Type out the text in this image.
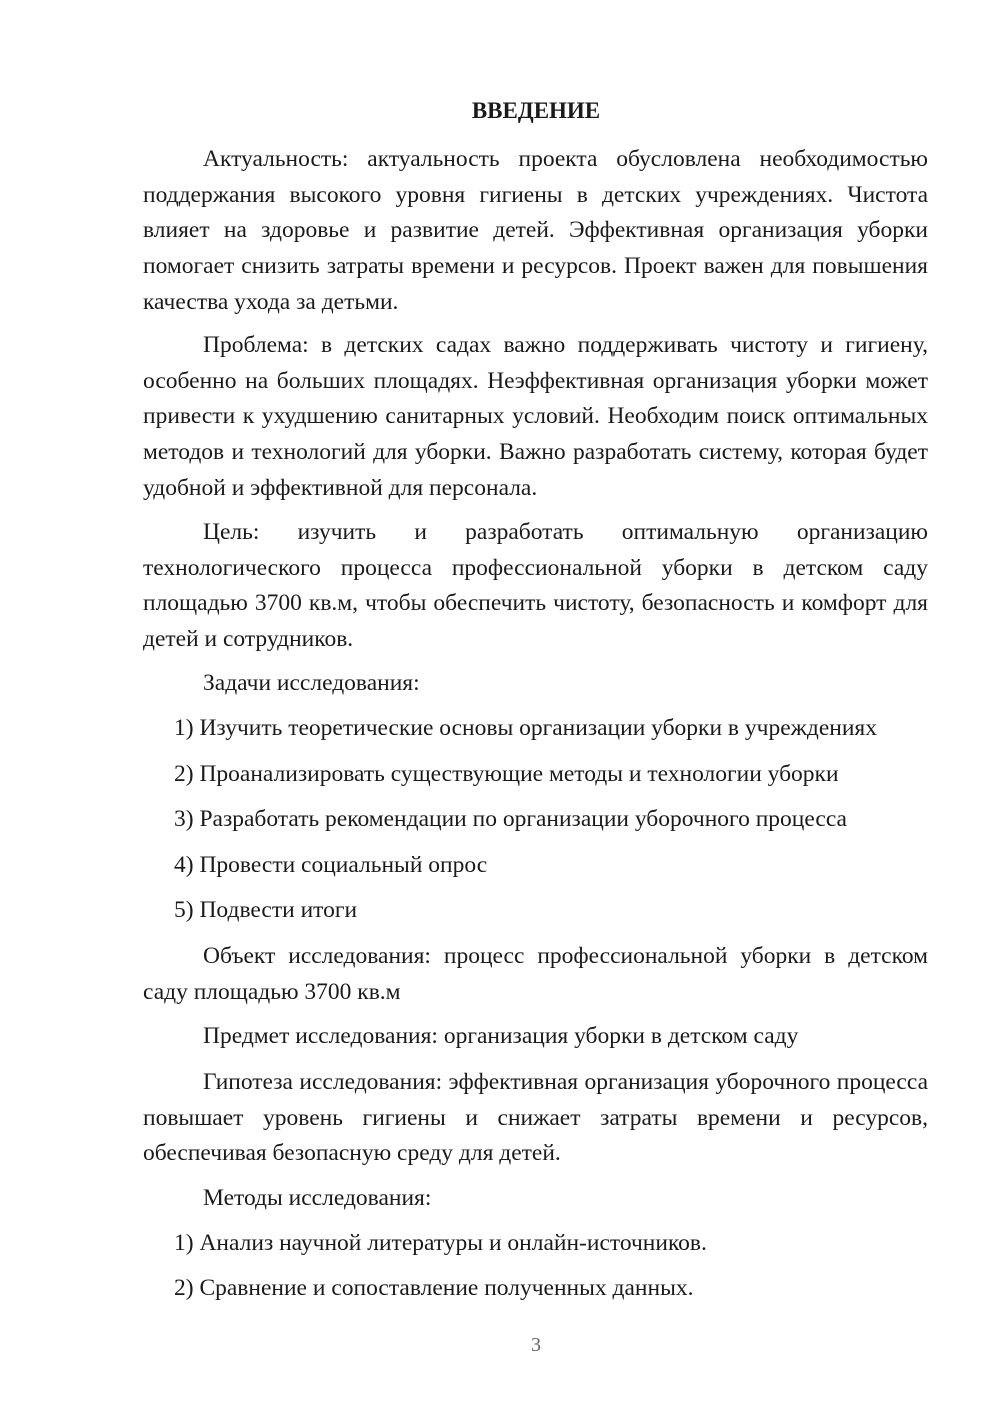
ВВЕДЕНИЕ
Актуальность: актуальность проекта обусловлена необходимостью поддержания высокого уровня гигиены в детских учреждениях. Чистота влияет на здоровье и развитие детей. Эффективная организация уборки помогает снизить затраты времени и ресурсов. Проект важен для повышения качества ухода за детьми.
Проблема: в детских садах важно поддерживать чистоту и гигиену, особенно на больших площадях. Неэффективная организация уборки может привести к ухудшению санитарных условий. Необходим поиск оптимальных методов и технологий для уборки. Важно разработать систему, которая будет удобной и эффективной для персонала.
Цель: изучить и разработать оптимальную организацию технологического процесса профессиональной уборки в детском саду площадью 3700 кв.м, чтобы обеспечить чистоту, безопасность и комфорт для детей и сотрудников.
Задачи исследования:
1) Изучить теоретические основы организации уборки в учреждениях
2) Проанализировать существующие методы и технологии уборки
3) Разработать рекомендации по организации уборочного процесса
4) Провести социальный опрос
5) Подвести итоги
Объект исследования: процесс профессиональной уборки в детском саду площадью 3700 кв.м
Предмет исследования: организация уборки в детском саду
Гипотеза исследования: эффективная организация уборочного процесса повышает уровень гигиены и снижает затраты времени и ресурсов, обеспечивая безопасную среду для детей.
Методы исследования:
1) Анализ научной литературы и онлайн-источников.
2) Сравнение и сопоставление полученных данных.
3
